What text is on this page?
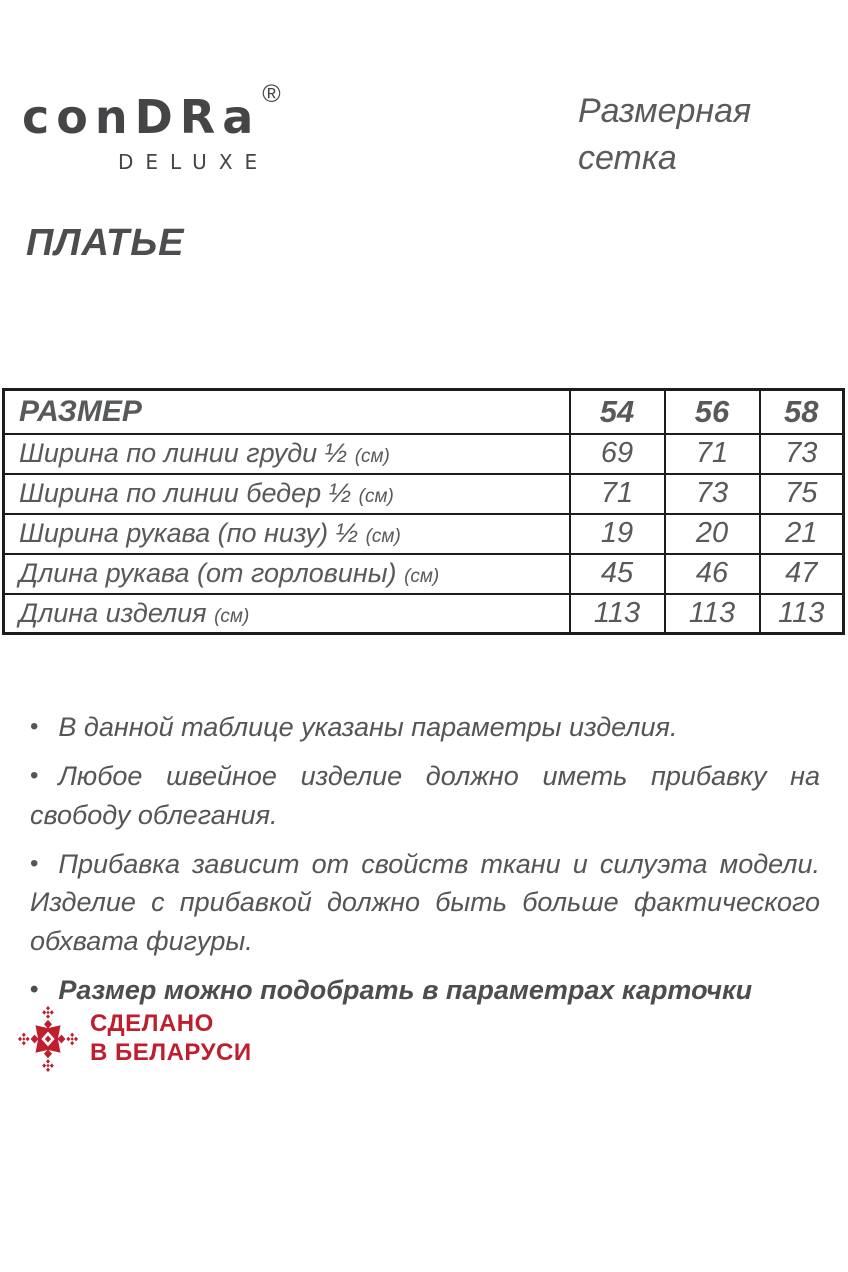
conDRa ®
DELUXE
Размерная
сетка
ПЛАТЬЕ
РАЗМЕР	54	56	58
Ширина по линии груди ½ (см)	69	71	73
Ширина по линии бедер ½ (см)	71	73	75
Ширина рукава (по низу) ½ (см)	19	20	21
Длина рукава (от горловины) (см)	45	46	47
Длина изделия (см)	113	113	113

• В данной таблице указаны параметры изделия.

• Любое швейное изделие должно иметь прибавку на свободу облегания.

• Прибавка зависит от свойств ткани и силуэта модели. Изделие с прибавкой должно быть больше фактического обхвата фигуры.

• Размер можно подобрать в параметрах карточки

СДЕЛАНО
В БЕЛАРУСИ
